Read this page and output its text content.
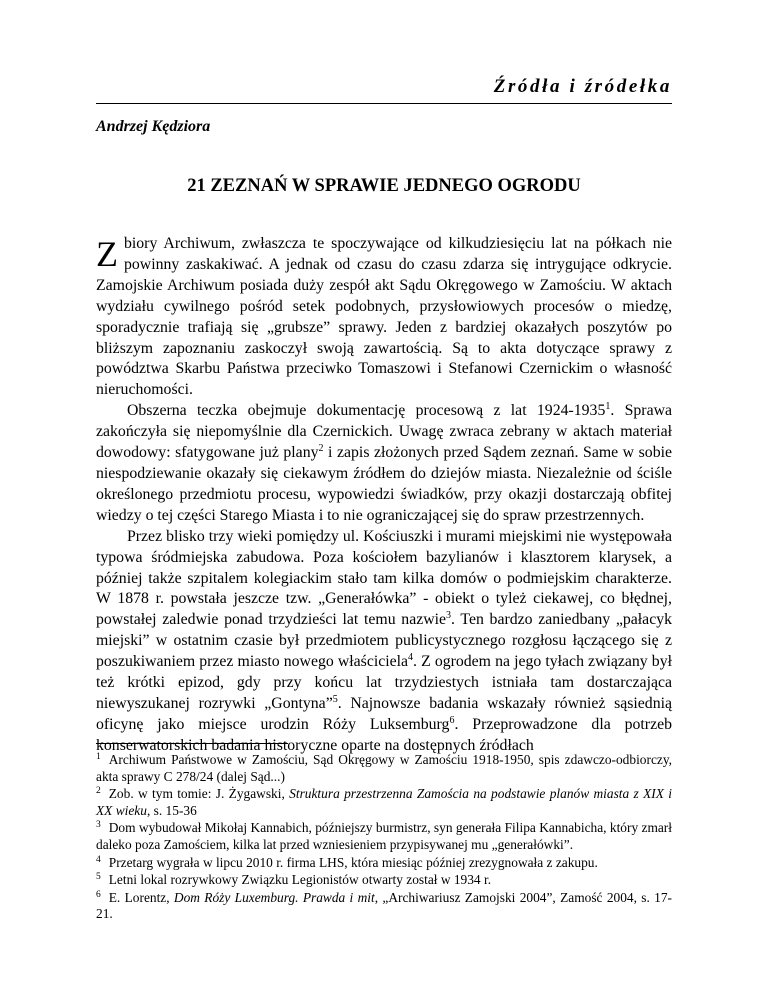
Źródła i źródełka
Andrzej Kędziora
21 ZEZNAŃ W SPRAWIE JEDNEGO OGRODU

Zbiory Archiwum, zwłaszcza te spoczywające od kilkudziesięciu lat na półkach nie powinny zaskakiwać. A jednak od czasu do czasu zdarza się intrygujące odkrycie. Zamojskie Archiwum posiada duży zespół akt Sądu Okręgowego w Zamościu. W aktach wydziału cywilnego pośród setek podobnych, przysłowiowych procesów o miedzę, sporadycznie trafiają się „grubsze” sprawy. Jeden z bardziej okazałych poszytów po bliższym zapoznaniu zaskoczył swoją zawartością. Są to akta dotyczące sprawy z powództwa Skarbu Państwa przeciwko Tomaszowi i Stefanowi Czernickim o własność nieruchomości.

Obszerna teczka obejmuje dokumentację procesową z lat 1924-1935$^1$. Sprawa zakończyła się niepomyślnie dla Czernickich. Uwagę zwraca zebrany w aktach materiał dowodowy: sfatygowane już plany$^2$ i zapis złożonych przed Sądem zeznań. Same w sobie niespodziewanie okazały się ciekawym źródłem do dziejów miasta. Niezależnie od ściśle określonego przedmiotu procesu, wypowiedzi świadków, przy okazji dostarczają obfitej wiedzy o tej części Starego Miasta i to nie ograniczającej się do spraw przestrzennych.

Przez blisko trzy wieki pomiędzy ul. Kościuszki i murami miejskimi nie występowała typowa śródmiejska zabudowa. Poza kościołem bazylianów i klasztorem klarysek, a później także szpitalem kolegiackim stało tam kilka domów o podmiejskim charakterze. W 1878 r. powstała jeszcze tzw. „Generałówka” - obiekt o tyleż ciekawej, co błędnej, powstałej zaledwie ponad trzydzieści lat temu nazwie$^3$. Ten bardzo zaniedbany „pałacyk miejski” w ostatnim czasie był przedmiotem publicystycznego rozgłosu łączącego się z poszukiwaniem przez miasto nowego właściciela$^4$. Z ogrodem na jego tyłach związany był też krótki epizod, gdy przy końcu lat trzydziestych istniała tam dostarczająca niewyszukanej rozrywki „Gontyna”$^5$. Najnowsze badania wskazały również sąsiednią oficynę jako miejsce urodzin Róży Luksemburg$^6$. Przeprowadzone dla potrzeb konserwatorskich badania historyczne oparte na dostępnych źródłach

$^1$ Archiwum Państwowe w Zamościu, Sąd Okręgowy w Zamościu 1918-1950, spis zdawczo-odbiorczy, akta sprawy C 278/24 (dalej Sąd...)

$^2$ Zob. w tym tomie: J. Żygawski, Struktura przestrzenna Zamościa na podstawie planów miasta z XIX i XX wieku, s. 15-36

$^3$ Dom wybudował Mikołaj Kannabich, późniejszy burmistrz, syn generała Filipa Kannabicha, który zmarł daleko poza Zamościem, kilka lat przed wzniesieniem przypisywanej mu „generałówki”.

$^4$ Przetarg wygrała w lipcu 2010 r. firma LHS, która miesiąc później zrezygnowała z zakupu.

$^5$ Letni lokal rozrywkowy Związku Legionistów otwarty został w 1934 r.

$^6$ E. Lorentz, Dom Róży Luxemburg. Prawda i mit, „Archiwariusz Zamojski 2004”, Zamość 2004, s. 17-21.
